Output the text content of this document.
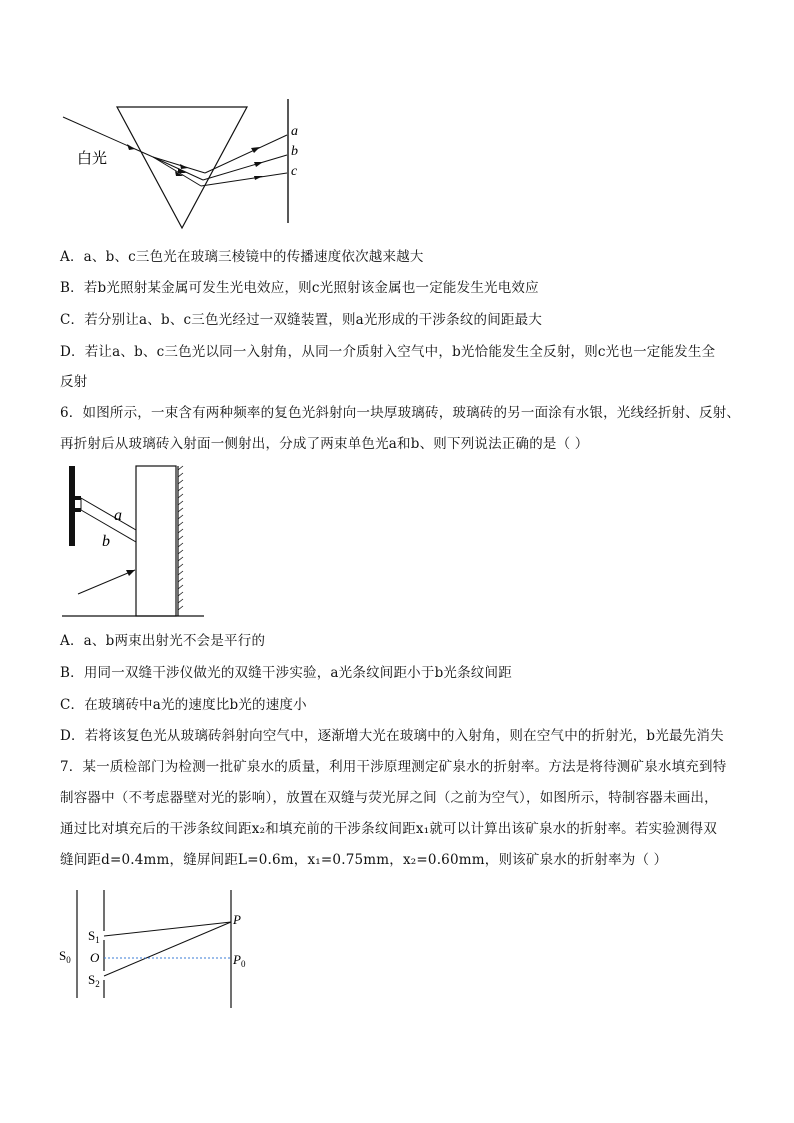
白光
a
b
c
A．a、b、c三色光在玻璃三棱镜中的传播速度依次越来越大
B．若b光照射某金属可发生光电效应，则c光照射该金属也一定能发生光电效应
C．若分别让a、b、c三色光经过一双缝装置，则a光形成的干涉条纹的间距最大
D．若让a、b、c三色光以同一入射角，从同一介质射入空气中，b光恰能发生全反射，则c光也一定能发生全
反射
6．如图所示，一束含有两种频率的复色光斜射向一块厚玻璃砖，玻璃砖的另一面涂有水银，光线经折射、反射、
再折射后从玻璃砖入射面一侧射出，分成了两束单色光a和b、则下列说法正确的是（ ）
a
b
A．a、b两束出射光不会是平行的
B．用同一双缝干涉仪做光的双缝干涉实验，a光条纹间距小于b光条纹间距
C．在玻璃砖中a光的速度比b光的速度小
D．若将该复色光从玻璃砖斜射向空气中，逐渐增大光在玻璃中的入射角，则在空气中的折射光，b光最先消失
7．某一质检部门为检测一批矿泉水的质量，利用干涉原理测定矿泉水的折射率。方法是将待测矿泉水填充到特
制容器中（不考虑器壁对光的影响），放置在双缝与荧光屏之间（之前为空气），如图所示，特制容器未画出，
通过比对填充后的干涉条纹间距x₂和填充前的干涉条纹间距x₁就可以计算出该矿泉水的折射率。若实验测得双
缝间距d=0.4mm，缝屏间距L=0.6m，x₁=0.75mm，x₂=0.60mm，则该矿泉水的折射率为（ ）
$S_0$
$S_1$
O
$S_2$
P
$P_0$
